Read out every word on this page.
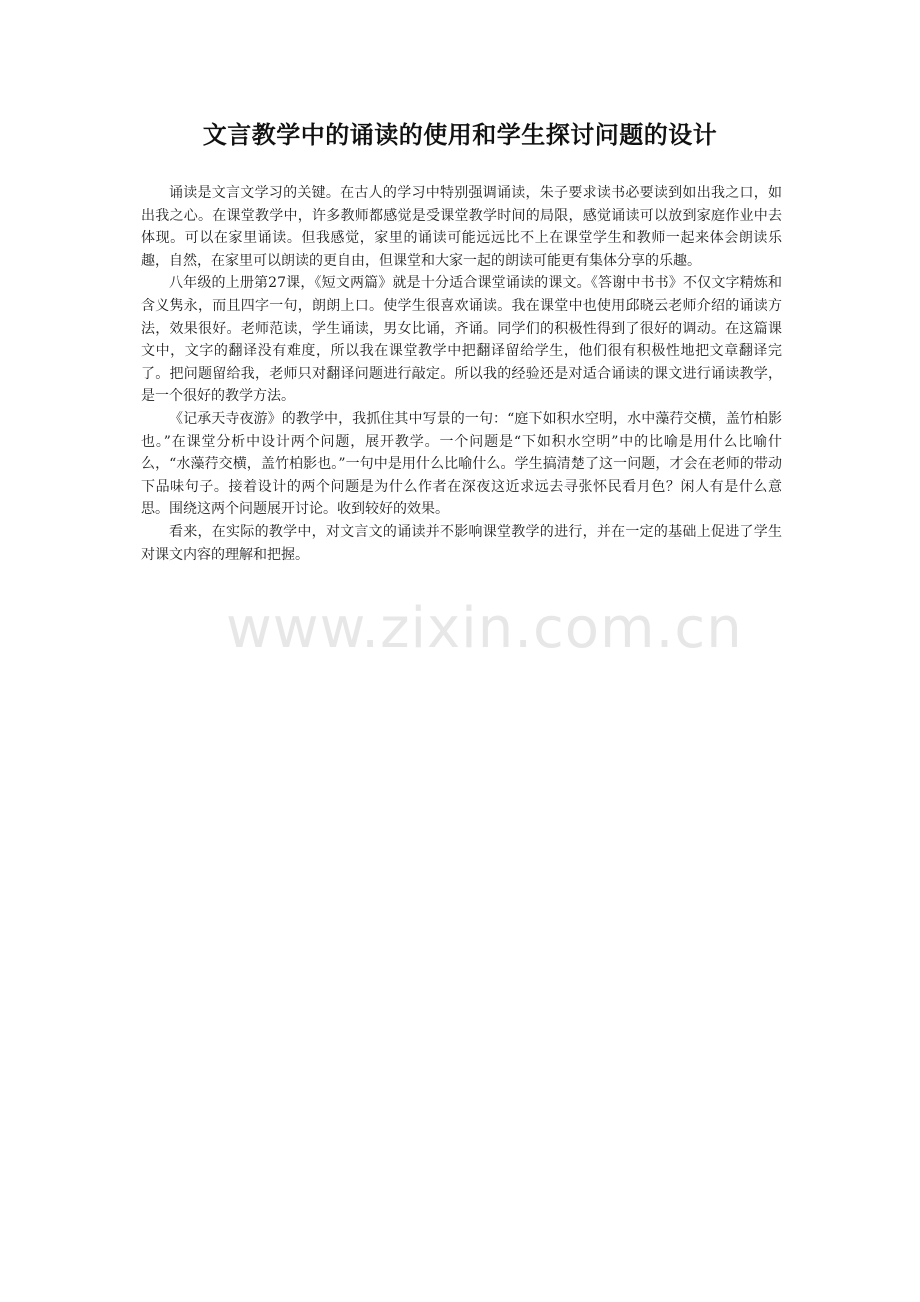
文言教学中的诵读的使用和学生探讨问题的设计

诵读是文言文学习的关键。在古人的学习中特别强调诵读，朱子要求读书必要读到如出我之口，如出我之心。在课堂教学中，许多教师都感觉是受课堂教学时间的局限，感觉诵读可以放到家庭作业中去体现。可以在家里诵读。但我感觉，家里的诵读可能远远比不上在课堂学生和教师一起来体会朗读乐趣，自然，在家里可以朗读的更自由，但课堂和大家一起的朗读可能更有集体分享的乐趣。

八年级的上册第27课，《短文两篇》就是十分适合课堂诵读的课文。《答谢中书书》不仅文字精炼和含义隽永，而且四字一句，朗朗上口。使学生很喜欢诵读。我在课堂中也使用邱晓云老师介绍的诵读方法，效果很好。老师范读，学生诵读，男女比诵，齐诵。同学们的积极性得到了很好的调动。在这篇课文中，文字的翻译没有难度，所以我在课堂教学中把翻译留给学生，他们很有积极性地把文章翻译完了。把问题留给我，老师只对翻译问题进行敲定。所以我的经验还是对适合诵读的课文进行诵读教学，是一个很好的教学方法。

《记承天寺夜游》的教学中，我抓住其中写景的一句：“庭下如积水空明，水中藻荇交横，盖竹柏影也。”在课堂分析中设计两个问题，展开教学。一个问题是“下如积水空明”中的比喻是用什么比喻什么，“水藻荇交横，盖竹柏影也。”一句中是用什么比喻什么。学生搞清楚了这一问题，才会在老师的带动下品味句子。接着设计的两个问题是为什么作者在深夜这近求远去寻张怀民看月色？闲人有是什么意思。围绕这两个问题展开讨论。收到较好的效果。

看来，在实际的教学中，对文言文的诵读并不影响课堂教学的进行，并在一定的基础上促进了学生对课文内容的理解和把握。

www.zixin.com.cn
